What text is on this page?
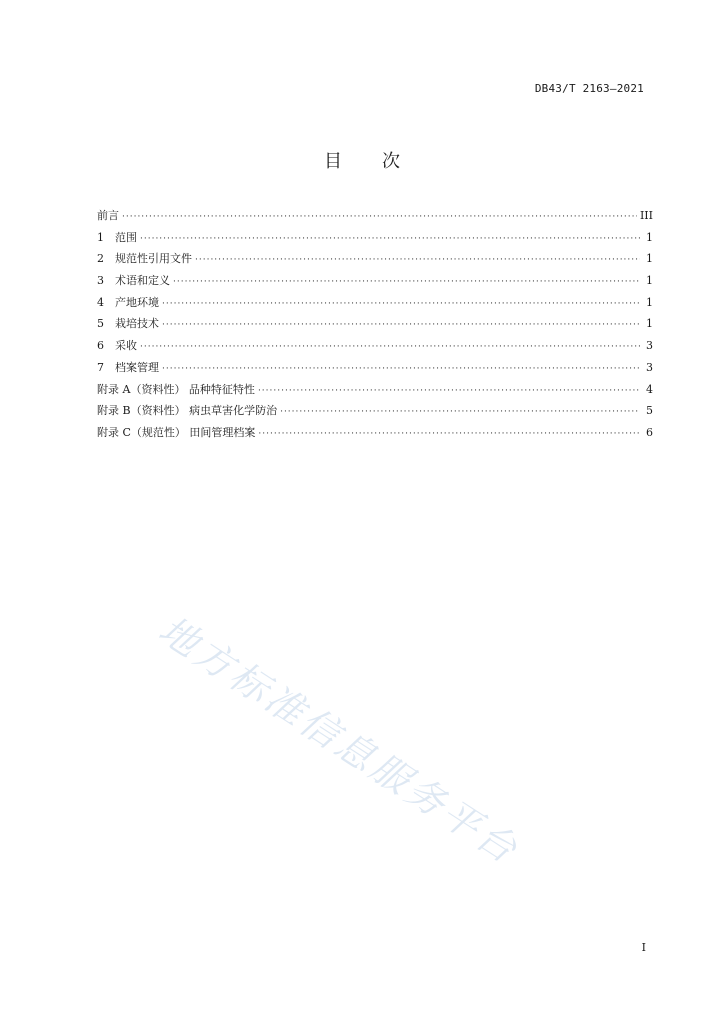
DB43/T 2163—2021
目 次
前言 ·····	III
1	范围 ·····	1
2	规范性引用文件 ·····	1
3	术语和定义 ·····	1
4	产地环境 ·····	1
5	栽培技术 ·····	1
6	采收 ·····	3
7	档案管理 ·····	3
附录 A（资料性） 品种特征特性 ·····	4
附录 B（资料性） 病虫草害化学防治 ·····	5
附录 C（规范性） 田间管理档案 ·····	6
地方标准信息服务平台
I
